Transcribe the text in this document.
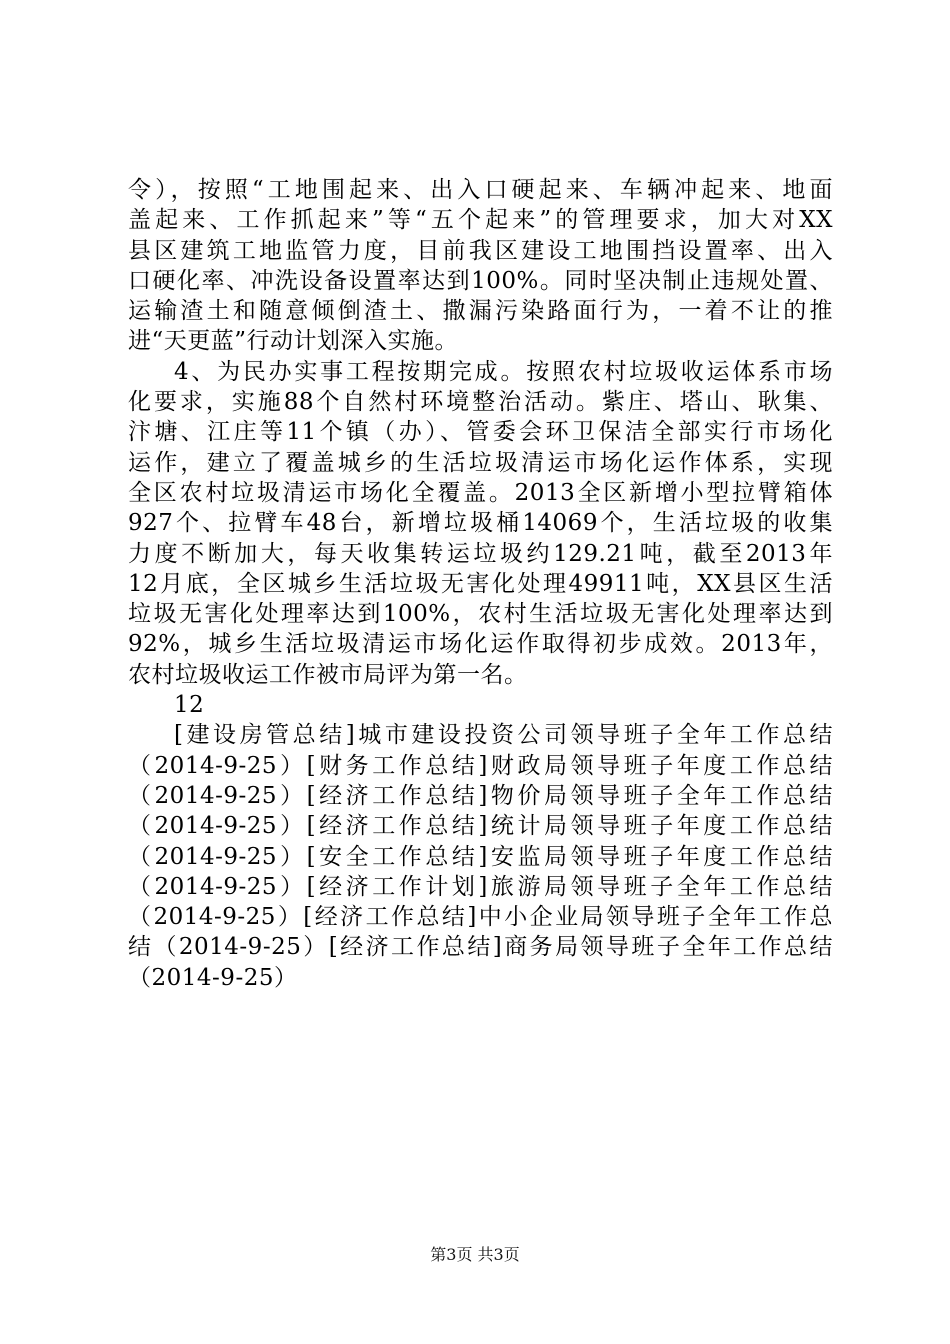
令），按照“工地围起来、出入口硬起来、车辆冲起来、地面
盖起来、工作抓起来”等“五个起来”的管理要求，加大对XX
县区建筑工地监管力度，目前我区建设工地围挡设置率、出入
口硬化率、冲洗设备设置率达到100%。同时坚决制止违规处置、
运输渣土和随意倾倒渣土、撒漏污染路面行为，一着不让的推
进“天更蓝”行动计划深入实施。
4、为民办实事工程按期完成。按照农村垃圾收运体系市场
化要求，实施88个自然村环境整治活动。紫庄、塔山、耿集、
汴塘、江庄等11个镇（办）、管委会环卫保洁全部实行市场化
运作，建立了覆盖城乡的生活垃圾清运市场化运作体系，实现
全区农村垃圾清运市场化全覆盖。2013全区新增小型拉臂箱体
927个、拉臂车48台，新增垃圾桶14069个，生活垃圾的收集
力度不断加大，每天收集转运垃圾约129.21吨，截至2013年
12月底，全区城乡生活垃圾无害化处理49911吨，XX县区生活
垃圾无害化处理率达到100%，农村生活垃圾无害化处理率达到
92%，城乡生活垃圾清运市场化运作取得初步成效。2013年，
农村垃圾收运工作被市局评为第一名。
12
[建设房管总结]城市建设投资公司领导班子全年工作总结
（2014-9-25）[财务工作总结]财政局领导班子年度工作总结
（2014-9-25）[经济工作总结]物价局领导班子全年工作总结
（2014-9-25）[经济工作总结]统计局领导班子年度工作总结
（2014-9-25）[安全工作总结]安监局领导班子年度工作总结
（2014-9-25）[经济工作计划]旅游局领导班子全年工作总结
（2014-9-25）[经济工作总结]中小企业局领导班子全年工作总
结（2014-9-25）[经济工作总结]商务局领导班子全年工作总结
（2014-9-25）
第3页 共3页
